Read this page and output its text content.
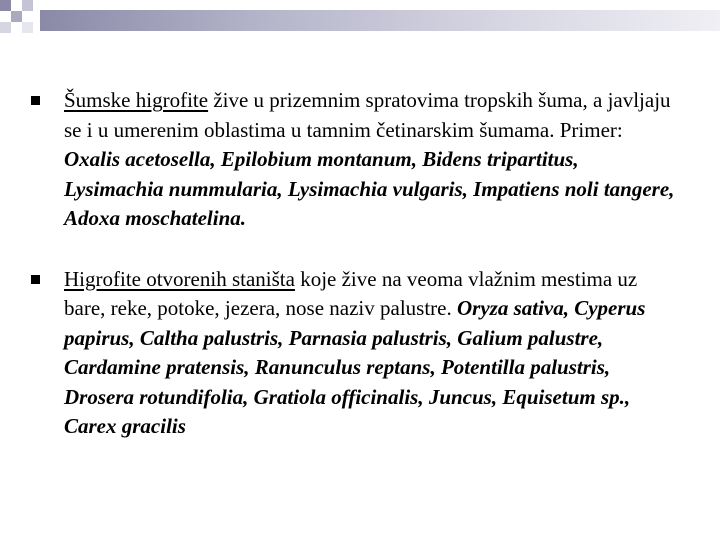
Šumske higrofite žive u prizemnim spratovima tropskih šuma, a javljaju se i u umerenim oblastima u tamnim četinarskim šumama. Primer: Oxalis acetosella, Epilobium montanum, Bidens tripartitus, Lysimachia nummularia, Lysimachia vulgaris, Impatiens noli tangere, Adoxa moschatelina.
Higrofite otvorenih staništa koje žive na veoma vlažnim mestima uz bare, reke, potoke, jezera, nose naziv palustre. Oryza sativa, Cyperus papirus, Caltha palustris, Parnasia palustris, Galium palustre, Cardamine pratensis, Ranunculus reptans, Potentilla palustris, Drosera rotundifolia, Gratiola officinalis, Juncus, Equisetum sp., Carex gracilis
